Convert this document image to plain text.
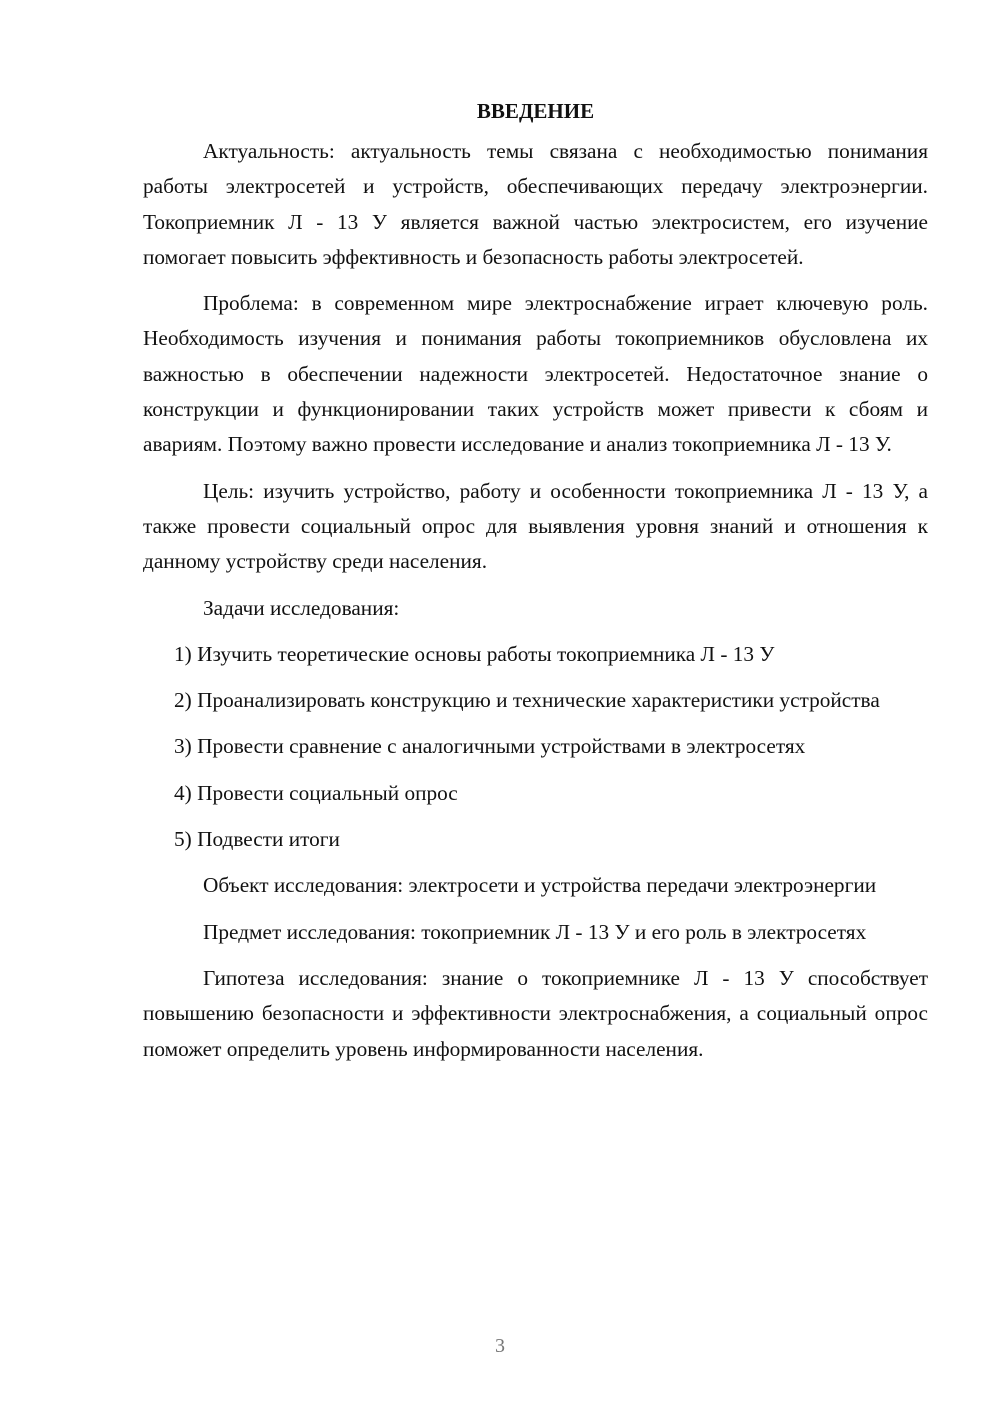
ВВЕДЕНИЕ

Актуальность: актуальность темы связана с необходимостью понимания работы электросетей и устройств, обеспечивающих передачу электроэнергии. Токоприемник Л - 13 У является важной частью электросистем, его изучение помогает повысить эффективность и безопасность работы электросетей.

Проблема: в современном мире электроснабжение играет ключевую роль. Необходимость изучения и понимания работы токоприемников обусловлена их важностью в обеспечении надежности электросетей. Недостаточное знание о конструкции и функционировании таких устройств может привести к сбоям и авариям. Поэтому важно провести исследование и анализ токоприемника Л - 13 У.

Цель: изучить устройство, работу и особенности токоприемника Л - 13 У, а также провести социальный опрос для выявления уровня знаний и отношения к данному устройству среди населения.

Задачи исследования:

1) Изучить теоретические основы работы токоприемника Л - 13 У

2) Проанализировать конструкцию и технические характеристики устройства

3) Провести сравнение с аналогичными устройствами в электросетях

4) Провести социальный опрос

5) Подвести итоги

Объект исследования: электросети и устройства передачи электроэнергии

Предмет исследования: токоприемник Л - 13 У и его роль в электросетях

Гипотеза исследования: знание о токоприемнике Л - 13 У способствует повышению безопасности и эффективности электроснабжения, а социальный опрос поможет определить уровень информированности населения.

3
